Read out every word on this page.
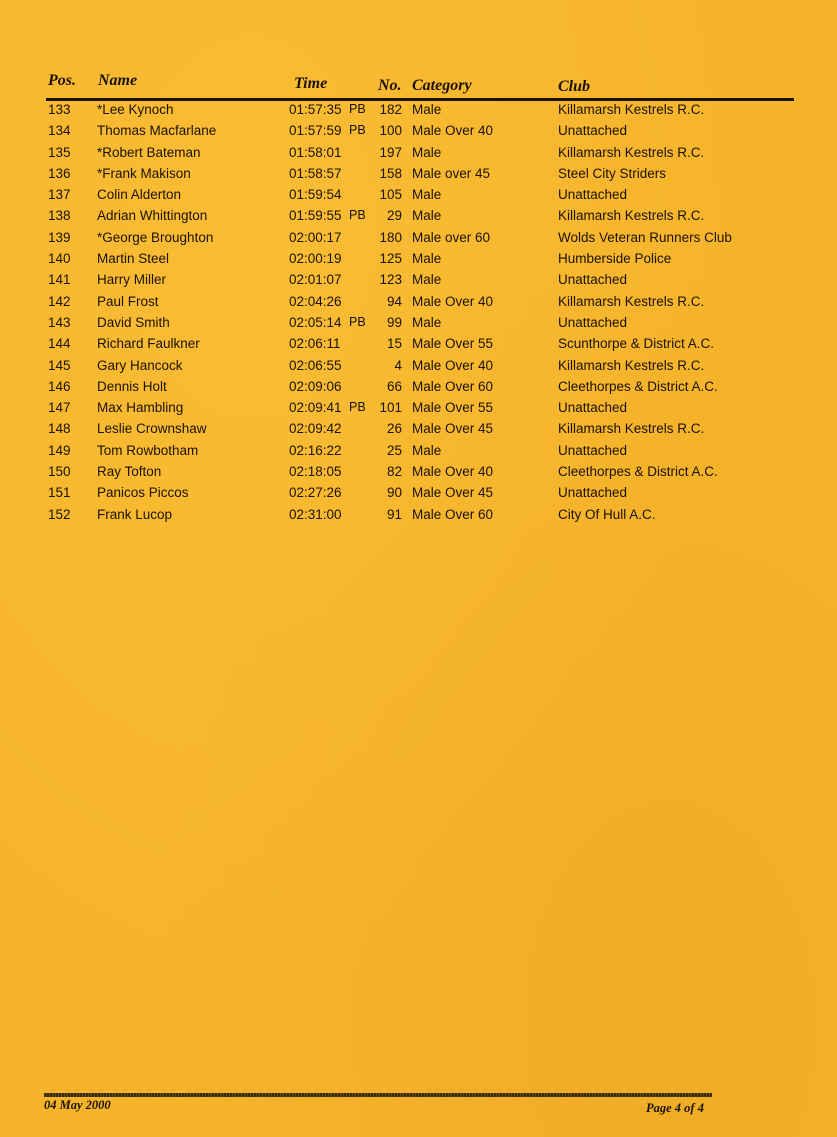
Pos. Name	Time	No. Category	Club
133 *Lee Kynoch	01:57:35 PB	182 Male	Killamarsh Kestrels R.C.
134 Thomas Macfarlane	01:57:59 PB	100 Male Over 40	Unattached
135 *Robert Bateman	01:58:01	197 Male	Killamarsh Kestrels R.C.
136 *Frank Makison	01:58:57	158 Male over 45	Steel City Striders
137 Colin Alderton	01:59:54	105 Male	Unattached
138 Adrian Whittington	01:59:55 PB	29 Male	Killamarsh Kestrels R.C.
139 *George Broughton	02:00:17	180 Male over 60	Wolds Veteran Runners Club
140 Martin Steel	02:00:19	125 Male	Humberside Police
141 Harry Miller	02:01:07	123 Male	Unattached
142 Paul Frost	02:04:26	94 Male Over 40	Killamarsh Kestrels R.C.
143 David Smith	02:05:14 PB	99 Male	Unattached
144 Richard Faulkner	02:06:11	15 Male Over 55	Scunthorpe & District A.C.
145 Gary Hancock	02:06:55	4 Male Over 40	Killamarsh Kestrels R.C.
146 Dennis Holt	02:09:06	66 Male Over 60	Cleethorpes & District A.C.
147 Max Hambling	02:09:41 PB	101 Male Over 55	Unattached
148 Leslie Crownshaw	02:09:42	26 Male Over 45	Killamarsh Kestrels R.C.
149 Tom Rowbotham	02:16:22	25 Male	Unattached
150 Ray Tofton	02:18:05	82 Male Over 40	Cleethorpes & District A.C.
151 Panicos Piccos	02:27:26	90 Male Over 45	Unattached
152 Frank Lucop	02:31:00	91 Male Over 60	City Of Hull A.C.
04 May 2000	Page 4 of 4
